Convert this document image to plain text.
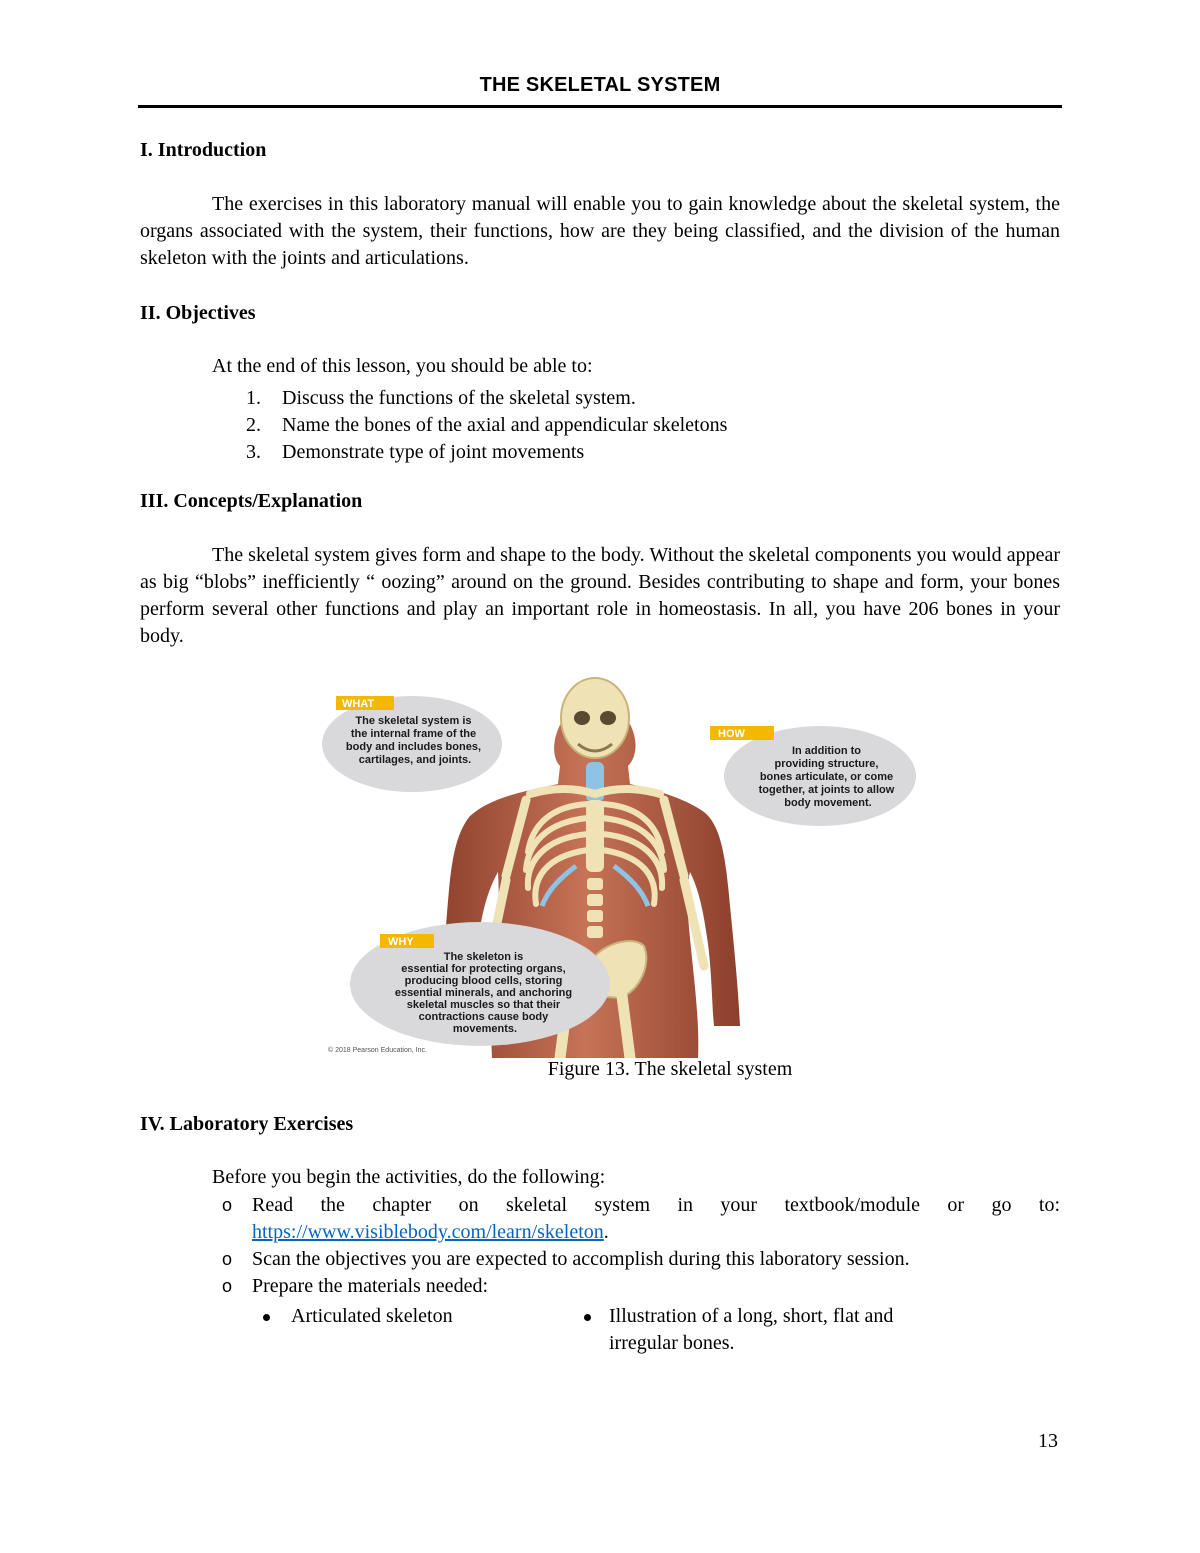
THE SKELETAL SYSTEM
I. Introduction

The exercises in this laboratory manual will enable you to gain knowledge about the skeletal system, the organs associated with the system, their functions, how are they being classified, and the division of the human skeleton with the joints and articulations.

II. Objectives
At the end of this lesson, you should be able to:
1. Discuss the functions of the skeletal system.
2. Name the bones of the axial and appendicular skeletons
3. Demonstrate type of joint movements
III. Concepts/Explanation

The skeletal system gives form and shape to the body. Without the skeletal components you would appear as big “blobs” inefficiently “ oozing” around on the ground. Besides contributing to shape and form, your bones perform several other functions and play an important role in homeostasis. In all, you have 206 bones in your body.

WHAT
The skeletal system is the internal frame of the body and includes bones, cartilages, and joints.
HOW
In addition to providing structure, bones articulate, or come together, at joints to allow body movement.
WHY
The skeleton is essential for protecting organs, producing blood cells, storing essential minerals, and anchoring skeletal muscles so that their contractions cause body movements.
© 2018 Pearson Education, Inc.
Figure 13. The skeletal system
IV. Laboratory Exercises
Before you begin the activities, do the following:
o Read the chapter on skeletal system in your textbook/module or go to:
https://www.visiblebody.com/learn/skeleton.
o Scan the objectives you are expected to accomplish during this laboratory session.
o Prepare the materials needed:
Articulated skeleton	Illustration of a long, short, flat and
irregular bones.
13
